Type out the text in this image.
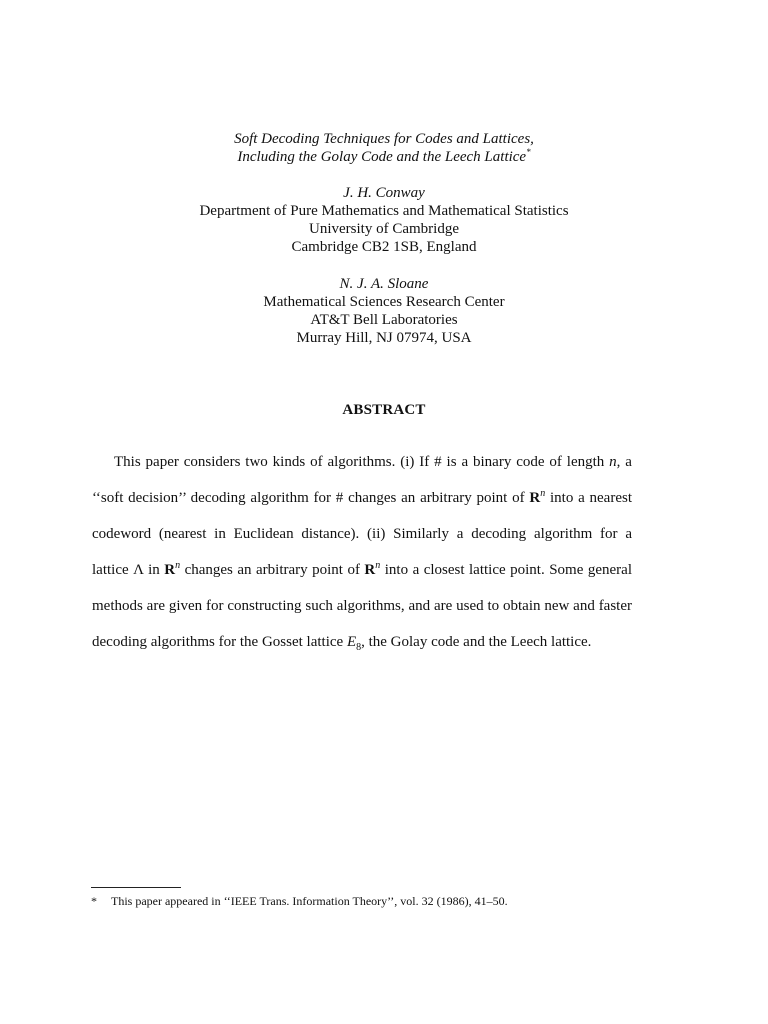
Soft Decoding Techniques for Codes and Lattices,
Including the Golay Code and the Leech Lattice*
J. H. Conway
Department of Pure Mathematics and Mathematical Statistics
University of Cambridge
Cambridge CB2 1SB, England
N. J. A. Sloane
Mathematical Sciences Research Center
AT&T Bell Laboratories
Murray Hill, NJ 07974, USA
ABSTRACT
This paper considers two kinds of algorithms. (i) If # is a binary code of length n, a
‘‘soft decision’’ decoding algorithm for # changes an arbitrary point of $R^n$ into a nearest
codeword (nearest in Euclidean distance). (ii) Similarly a decoding algorithm for a
lattice Λ in $R^n$ changes an arbitrary point of $R^n$ into a closest lattice point. Some general
methods are given for constructing such algorithms, and are used to obtain new and faster
decoding algorithms for the Gosset lattice $E_8$, the Golay code and the Leech lattice.
* This paper appeared in ‘‘IEEE Trans. Information Theory’’, vol. 32 (1986), 41–50.
